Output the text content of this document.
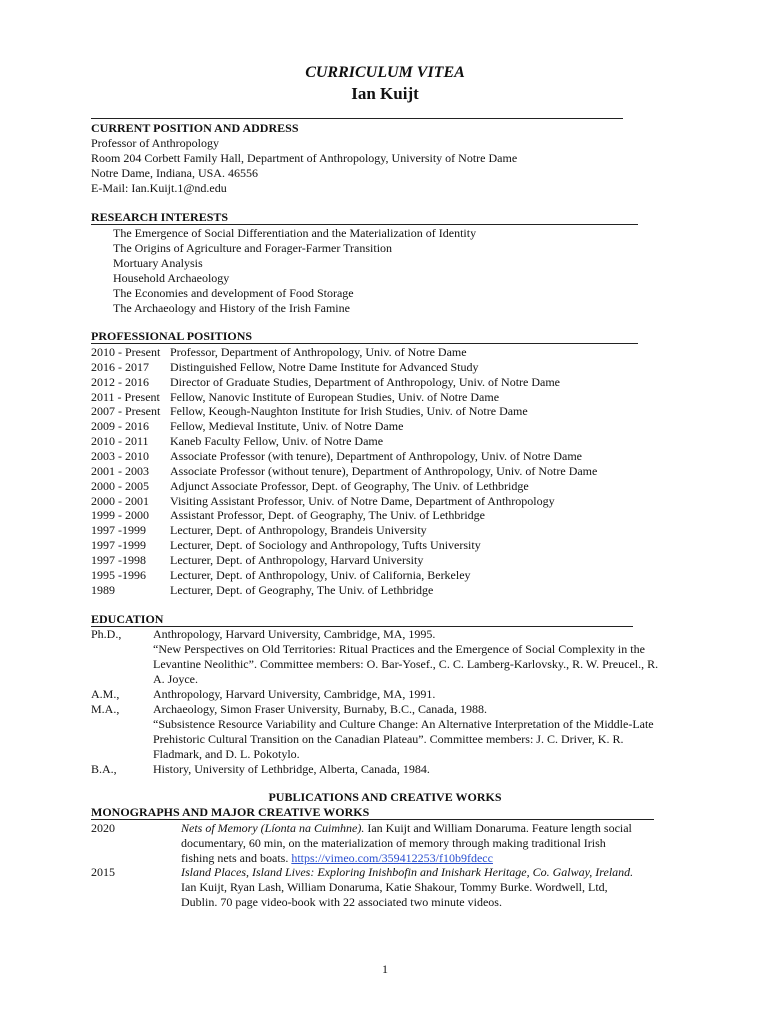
CURRICULUM VITEA
Ian Kuijt
CURRENT POSITION AND ADDRESS
Professor of Anthropology
Room 204 Corbett Family Hall, Department of Anthropology, University of Notre Dame
Notre Dame, Indiana, USA. 46556
E-Mail: Ian.Kuijt.1@nd.edu
RESEARCH INTERESTS
The Emergence of Social Differentiation and the Materialization of Identity
The Origins of Agriculture and Forager-Farmer Transition
Mortuary Analysis
Household Archaeology
The Economies and development of Food Storage
The Archaeology and History of the Irish Famine
PROFESSIONAL POSITIONS
2010 - Present Professor, Department of Anthropology, Univ. of Notre Dame
2016 - 2017 Distinguished Fellow, Notre Dame Institute for Advanced Study
2012 - 2016 Director of Graduate Studies, Department of Anthropology, Univ. of Notre Dame
2011 - Present Fellow, Nanovic Institute of European Studies, Univ. of Notre Dame
2007 - Present Fellow, Keough-Naughton Institute for Irish Studies, Univ. of Notre Dame
2009 - 2016 Fellow, Medieval Institute, Univ. of Notre Dame
2010 - 2011 Kaneb Faculty Fellow, Univ. of Notre Dame
2003 - 2010 Associate Professor (with tenure), Department of Anthropology, Univ. of Notre Dame
2001 - 2003 Associate Professor (without tenure), Department of Anthropology, Univ. of Notre Dame
2000 - 2005 Adjunct Associate Professor, Dept. of Geography, The Univ. of Lethbridge
2000 - 2001 Visiting Assistant Professor, Univ. of Notre Dame, Department of Anthropology
1999 - 2000 Assistant Professor, Dept. of Geography, The Univ. of Lethbridge
1997 -1999 Lecturer, Dept. of Anthropology, Brandeis University
1997 -1999 Lecturer, Dept. of Sociology and Anthropology, Tufts University
1997 -1998 Lecturer, Dept. of Anthropology, Harvard University
1995 -1996 Lecturer, Dept. of Anthropology, Univ. of California, Berkeley
1989	Lecturer, Dept. of Geography, The Univ. of Lethbridge
EDUCATION
Ph.D.,	Anthropology, Harvard University, Cambridge, MA, 1995.
“New Perspectives on Old Territories: Ritual Practices and the Emergence of Social Complexity in the
Levantine Neolithic”. Committee members: O. Bar-Yosef., C. C. Lamberg-Karlovsky., R. W. Preucel., R.
A. Joyce.
A.M.,	Anthropology, Harvard University, Cambridge, MA, 1991.
M.A.,	Archaeology, Simon Fraser University, Burnaby, B.C., Canada, 1988.
“Subsistence Resource Variability and Culture Change: An Alternative Interpretation of the Middle-Late
Prehistoric Cultural Transition on the Canadian Plateau”. Committee members: J. C. Driver, K. R.
Fladmark, and D. L. Pokotylo.
B.A.,	History, University of Lethbridge, Alberta, Canada, 1984.
PUBLICATIONS AND CREATIVE WORKS
MONOGRAPHS AND MAJOR CREATIVE WORKS
2020	Nets of Memory (Líonta na Cuimhne). Ian Kuijt and William Donaruma. Feature length social
documentary, 60 min, on the materialization of memory through making traditional Irish
fishing nets and boats. https://vimeo.com/359412253/f10b9fdecc
2015	Island Places, Island Lives: Exploring Inishbofin and Inishark Heritage, Co. Galway, Ireland.
Ian Kuijt, Ryan Lash, William Donaruma, Katie Shakour, Tommy Burke. Wordwell, Ltd,
Dublin. 70 page video-book with 22 associated two minute videos.
1
